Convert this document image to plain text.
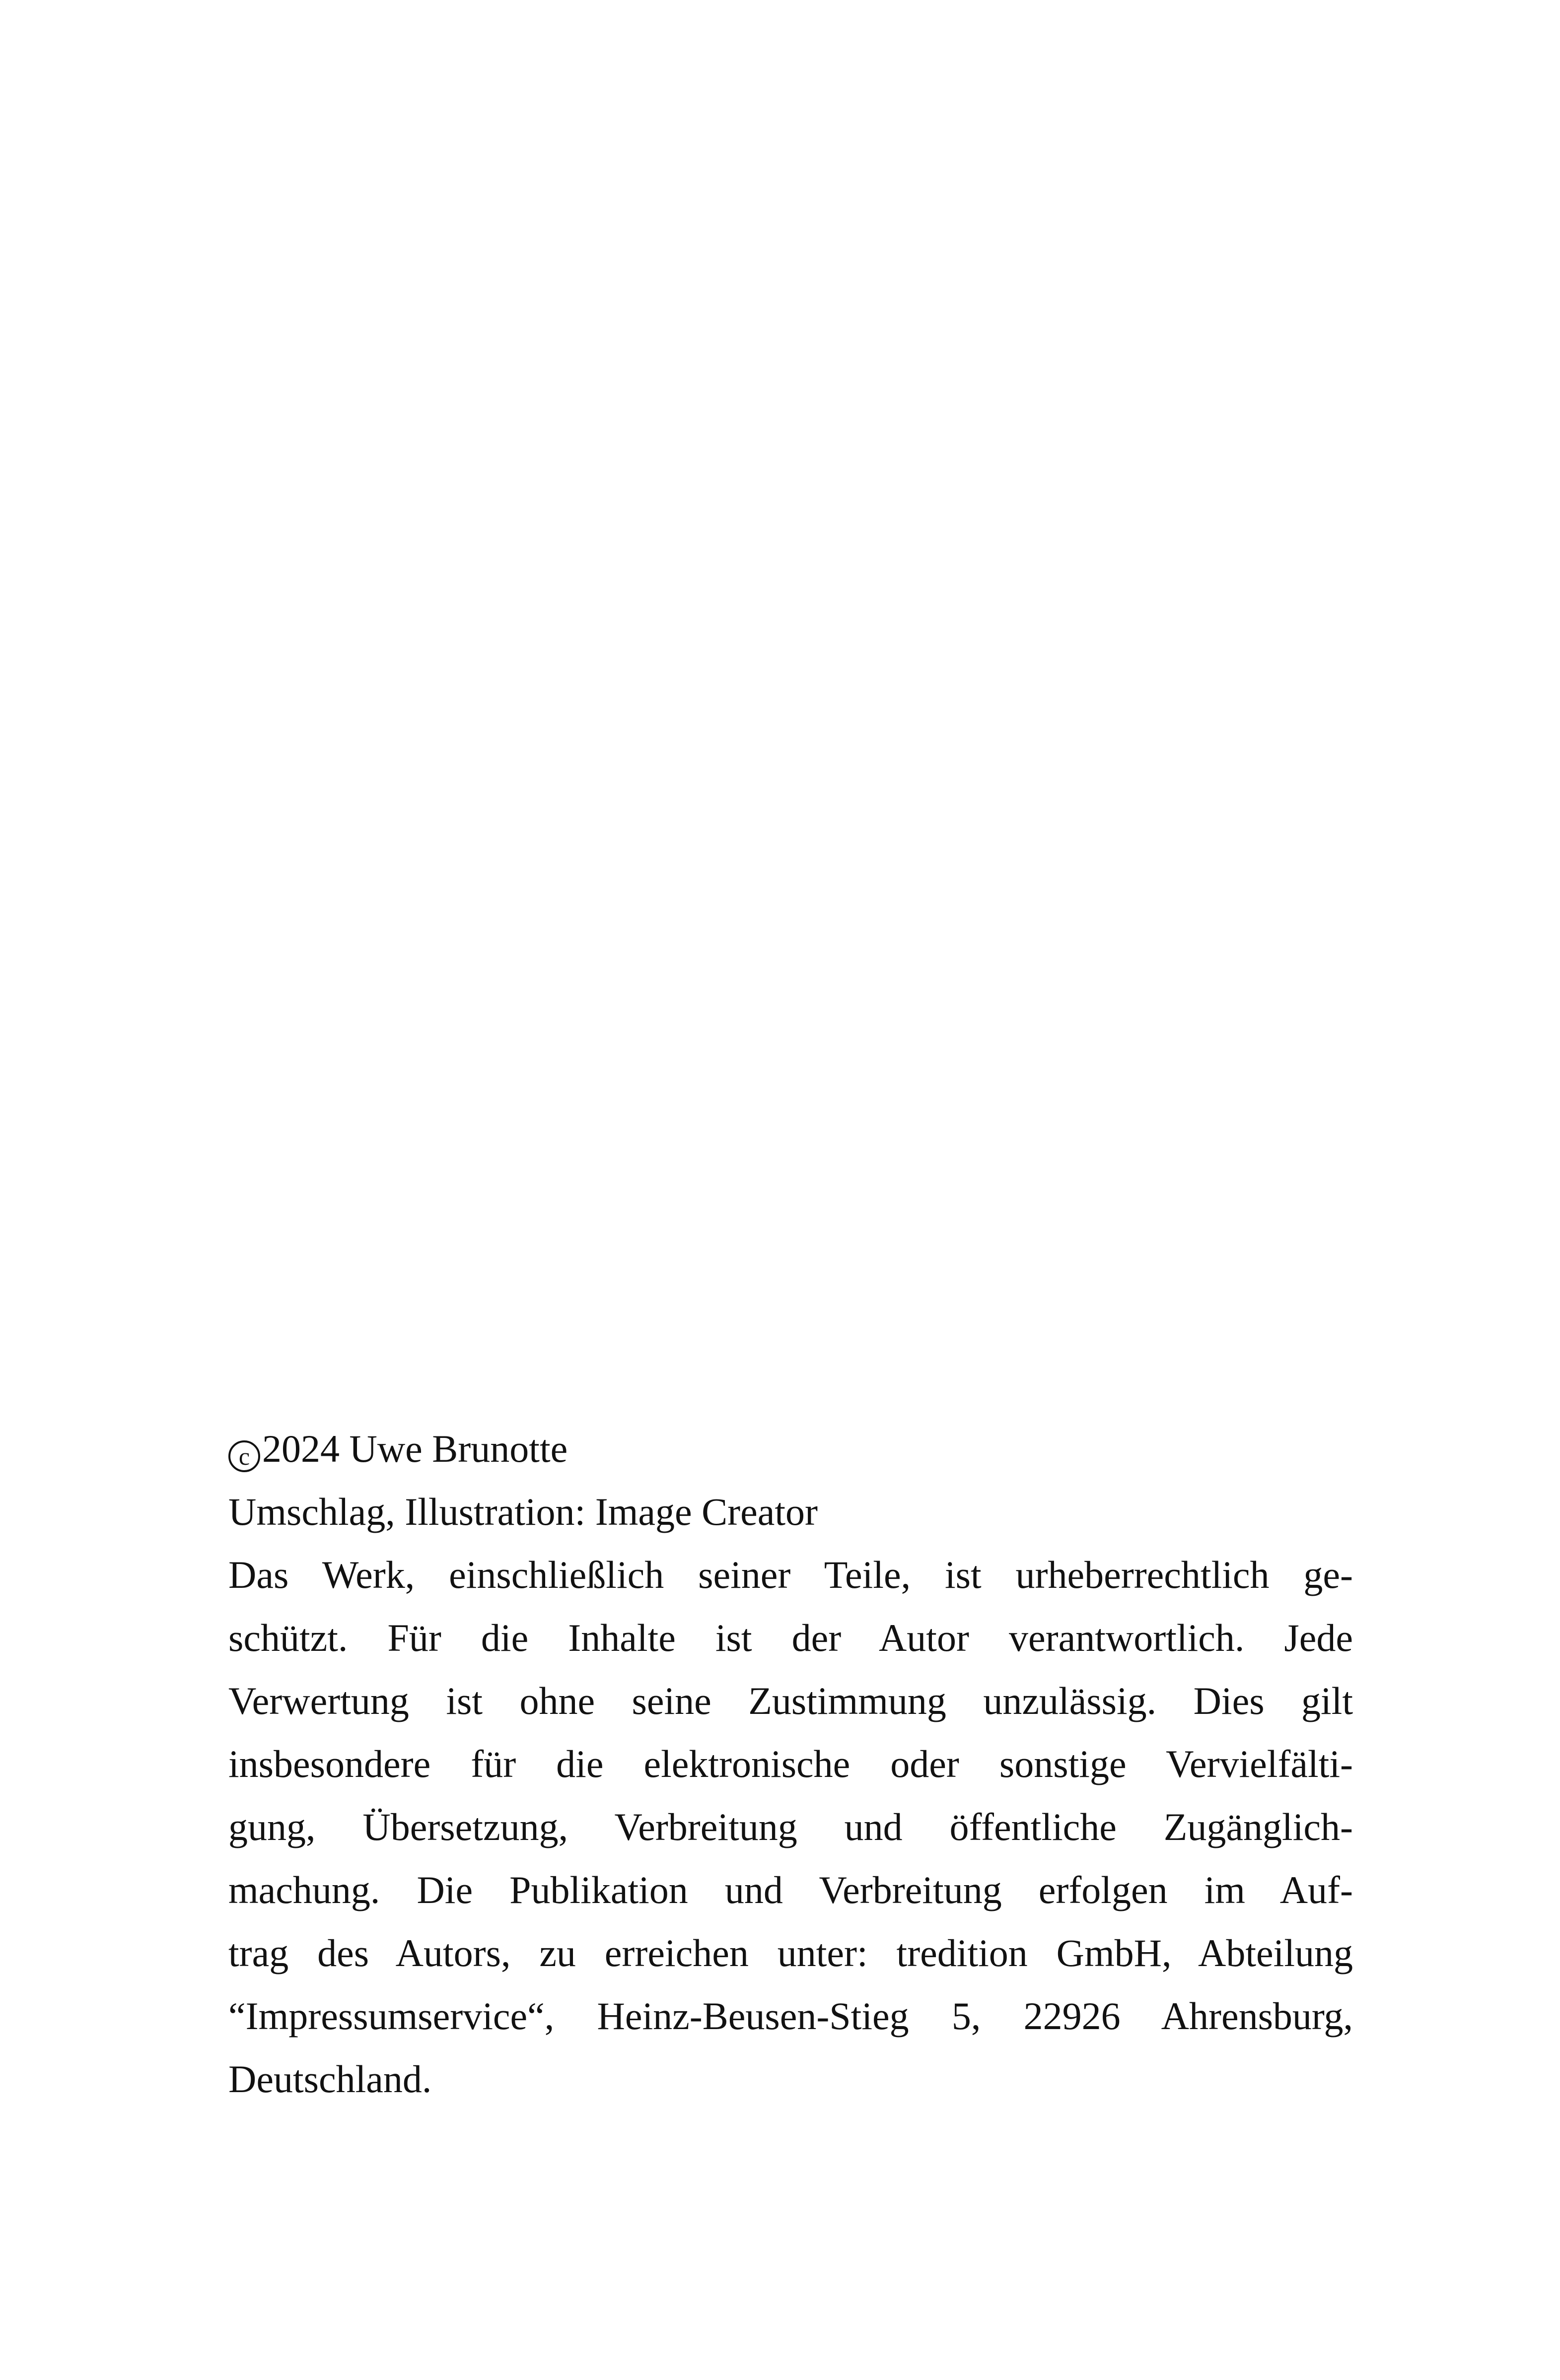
c 2024 Uwe Brunotte
Umschlag, Illustration: Image Creator
Das Werk, einschließlich seiner Teile, ist urheberrechtlich ge-
schützt. Für die Inhalte ist der Autor verantwortlich. Jede
Verwertung ist ohne seine Zustimmung unzulässig. Dies gilt
insbesondere für die elektronische oder sonstige Vervielfälti-
gung, Übersetzung, Verbreitung und öffentliche Zugänglich-
machung. Die Publikation und Verbreitung erfolgen im Auf-
trag des Autors, zu erreichen unter: tredition GmbH, Abteilung
“Impressumservice“, Heinz-Beusen-Stieg 5, 22926 Ahrensburg,
Deutschland.
